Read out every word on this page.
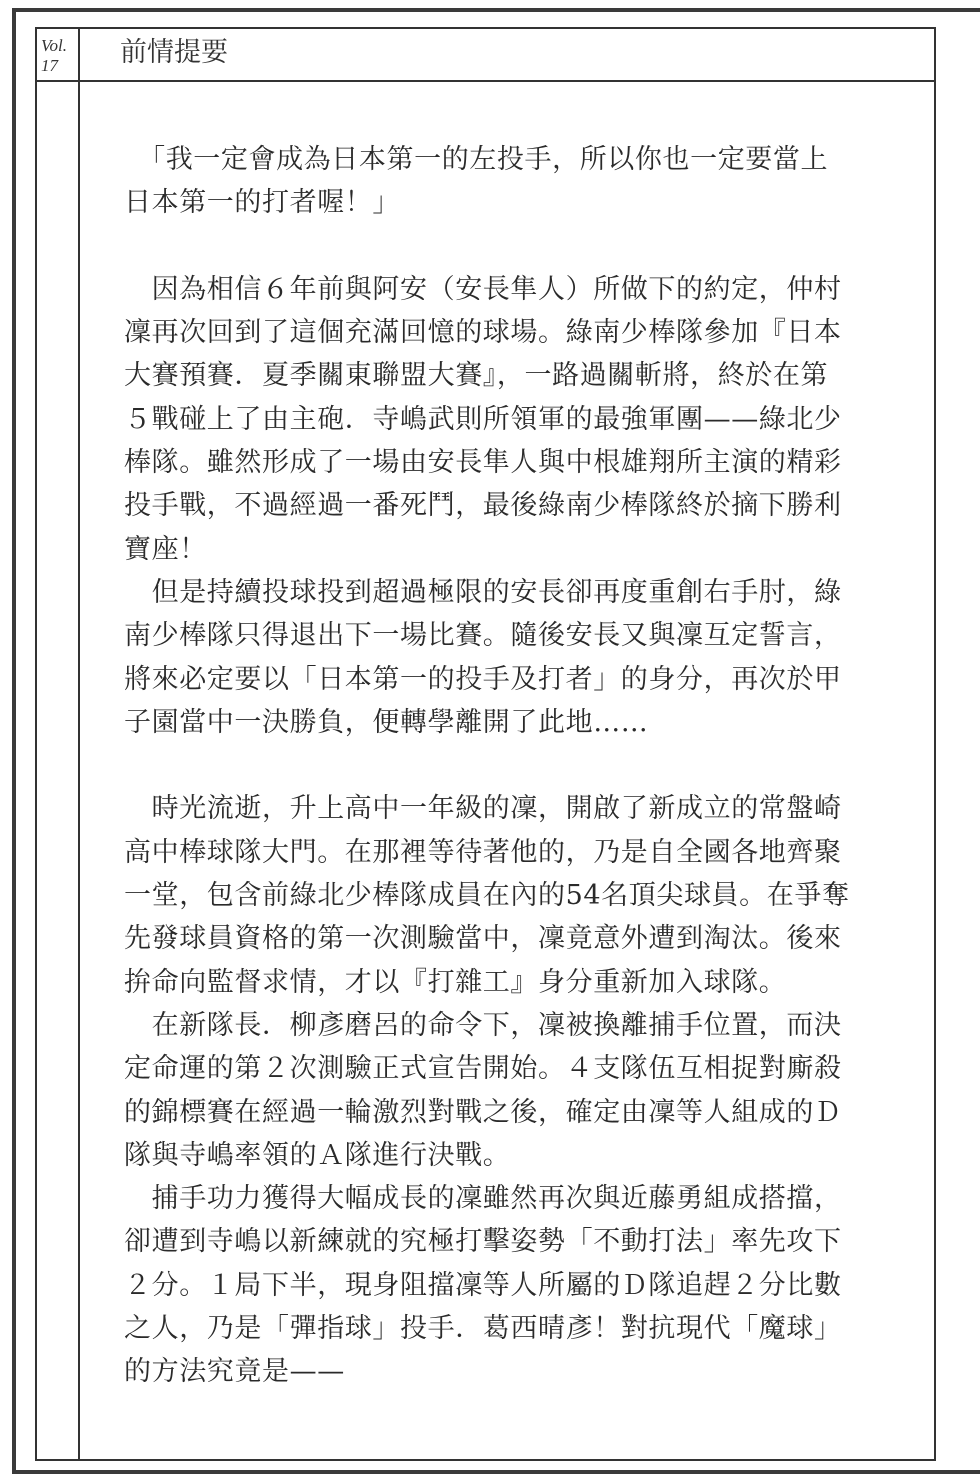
Vol.
17	前情提要
　「我一定會成為日本第一的左投手，所以你也一定要當上
日本第一的打者喔！」
　因為相信６年前與阿安（安長隼人）所做下的約定，仲村
凜再次回到了這個充滿回憶的球場。綠南少棒隊參加『日本
大賽預賽．夏季關東聯盟大賽』，一路過關斬將，終於在第
５戰碰上了由主砲．寺嶋武則所領軍的最強軍團——綠北少
棒隊。雖然形成了一場由安長隼人與中根雄翔所主演的精彩
投手戰，不過經過一番死鬥，最後綠南少棒隊終於摘下勝利
寶座！
　但是持續投球投到超過極限的安長卻再度重創右手肘，綠
南少棒隊只得退出下一場比賽。隨後安長又與凜互定誓言，
將來必定要以「日本第一的投手及打者」的身分，再次於甲
子園當中一決勝負，便轉學離開了此地……
　時光流逝，升上高中一年級的凜，開啟了新成立的常盤崎
高中棒球隊大門。在那裡等待著他的，乃是自全國各地齊聚
一堂，包含前綠北少棒隊成員在內的54名頂尖球員。在爭奪
先發球員資格的第一次測驗當中，凜竟意外遭到淘汰。後來
拚命向監督求情，才以『打雜工』身分重新加入球隊。
　在新隊長．柳彥磨呂的命令下，凜被換離捕手位置，而決
定命運的第２次測驗正式宣告開始。４支隊伍互相捉對廝殺
的錦標賽在經過一輪激烈對戰之後，確定由凜等人組成的Ｄ
隊與寺嶋率領的Ａ隊進行決戰。
　捕手功力獲得大幅成長的凜雖然再次與近藤勇組成搭擋，
卻遭到寺嶋以新練就的究極打擊姿勢「不動打法」率先攻下
２分。１局下半，現身阻擋凜等人所屬的Ｄ隊追趕２分比數
之人，乃是「彈指球」投手．葛西晴彥！對抗現代「魔球」
的方法究竟是——
